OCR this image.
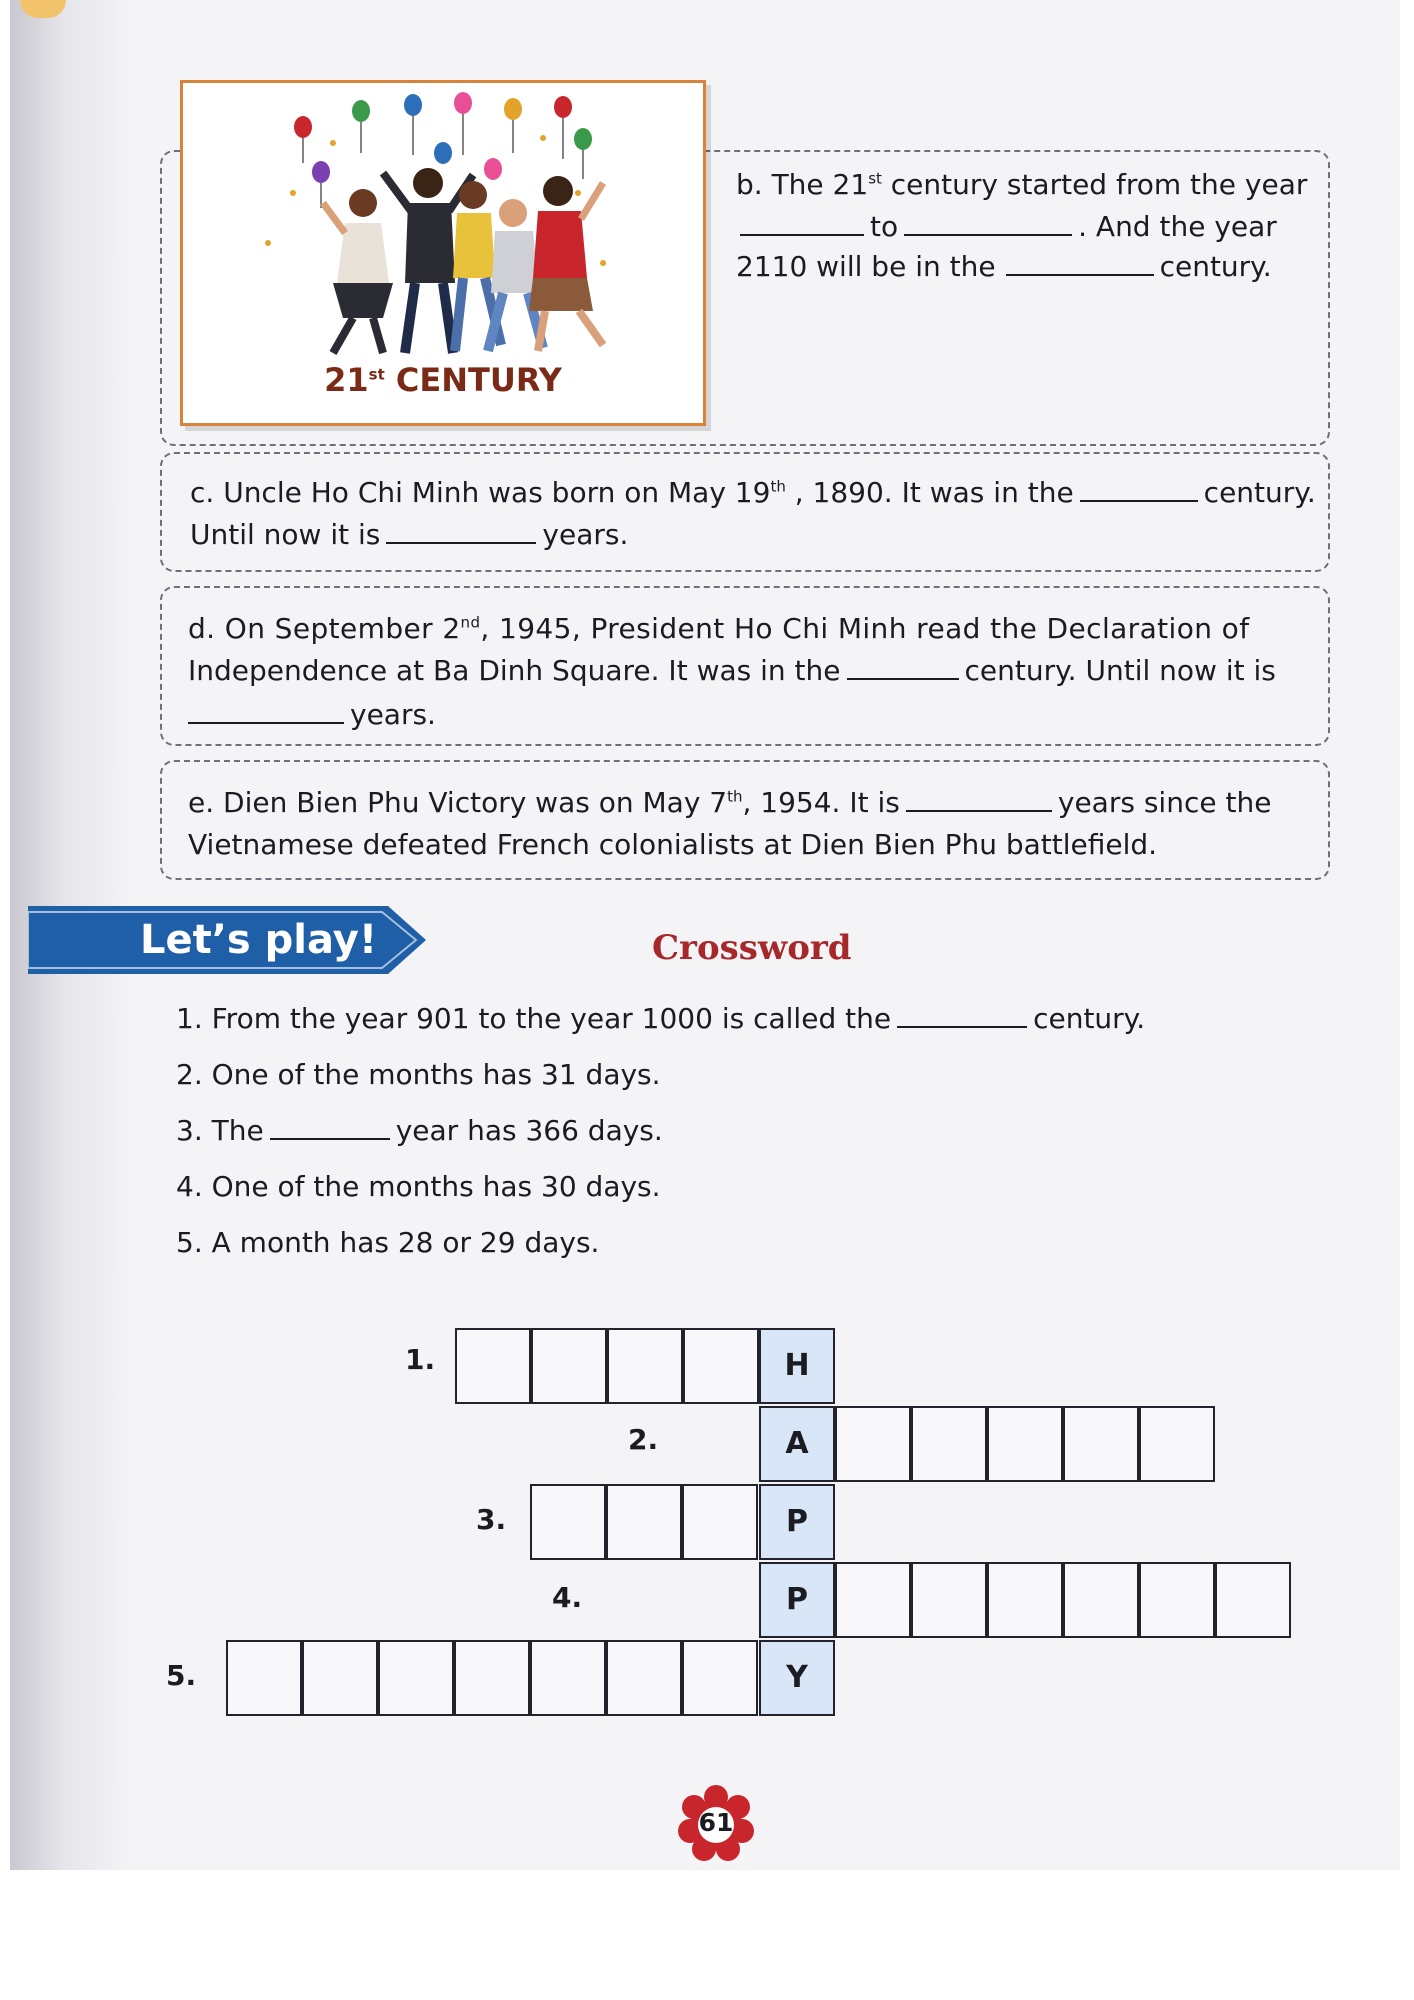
21st CENTURY
b. The 21st century started from the year
to	. And the year
2110 will be in the	century.
c. Uncle Ho Chi Minh was born on May 19th , 1890. It was in the	century.
Until now it is	years.
d. On September 2nd, 1945, President Ho Chi Minh read the Declaration of
Independence at Ba Dinh Square. It was in the	century. Until now it is
years.
e. Dien Bien Phu Victory was on May 7th, 1954. It is	years since the
Vietnamese defeated French colonialists at Dien Bien Phu battlefield.
Let’s play!	Crossword
1. From the year 901 to the year 1000 is called the	century.
2. One of the months has 31 days.
3. The	year has 366 days.
4. One of the months has 30 days.
5. A month has 28 or 29 days.
H
1.
A
2.
P
3.
P
4.
Y
5.
61
